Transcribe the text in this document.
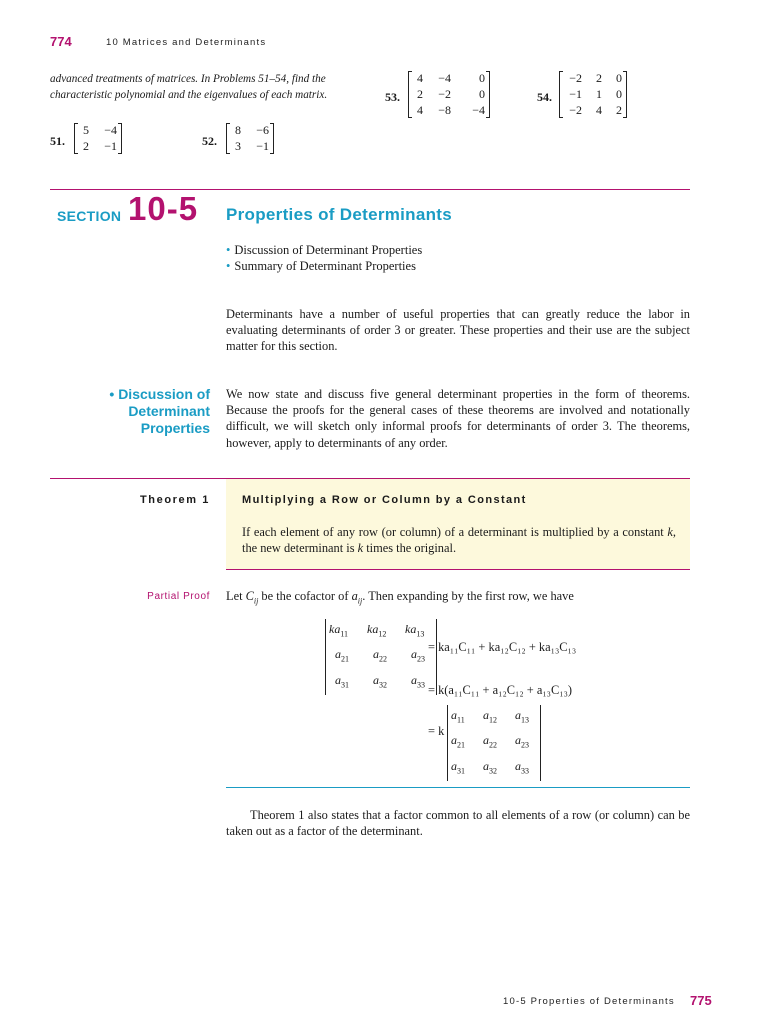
774	10 Matrices and Determinants
advanced treatments of matrices. In Problems 51–54, find the characteristic polynomial and the eigenvalues of each matrix.
51.
5	−4
2	−1	52.
8	−6
3	−1
53.
4	−4	0
2	−2	0
4	−8	−4
54.
−2	2	0
−1	1	0
−2	4	2
SECTION 10-5 Properties of Determinants
• Discussion of Determinant Properties
• Summary of Determinant Properties
Determinants have a number of useful properties that can greatly reduce the labor in evaluating determinants of order 3 or greater. These properties and their use are the subject matter for this section.
• Discussion of
Determinant
Properties
We now state and discuss five general determinant properties in the form of theorems. Because the proofs for the general cases of these theorems are involved and notationally difficult, we will sketch only informal proofs for determinants of order 3. The theorems, however, apply to determinants of any order.
Theorem 1	Multiplying a Row or Column by a Constant
If each element of any row (or column) of a determinant is multiplied by a constant k, the new determinant is k times the original.
Partial Proof Let $C_{ij}$ be the cofactor of $a_{ij}$. Then expanding by the first row, we have
$ka_{11}$	$ka_{12}$	$ka_{13}$
$a_{21}$	$a_{22}$	$a_{23}$
$a_{31}$	$a_{32}$	$a_{33}$
= ka₁₁C₁₁ + ka₁₂C₁₂ + ka₁₃C₁₃
= k(a₁₁C₁₁ + a₁₂C₁₂ + a₁₃C₁₃)
= k
$a_{11}$	$a_{12}$	$a_{13}$
$a_{21}$	$a_{22}$	$a_{23}$
$a_{31}$	$a_{32}$	$a_{33}$
Theorem 1 also states that a factor common to all elements of a row (or column) can be taken out as a factor of the determinant.
10-5 Properties of Determinants 775
